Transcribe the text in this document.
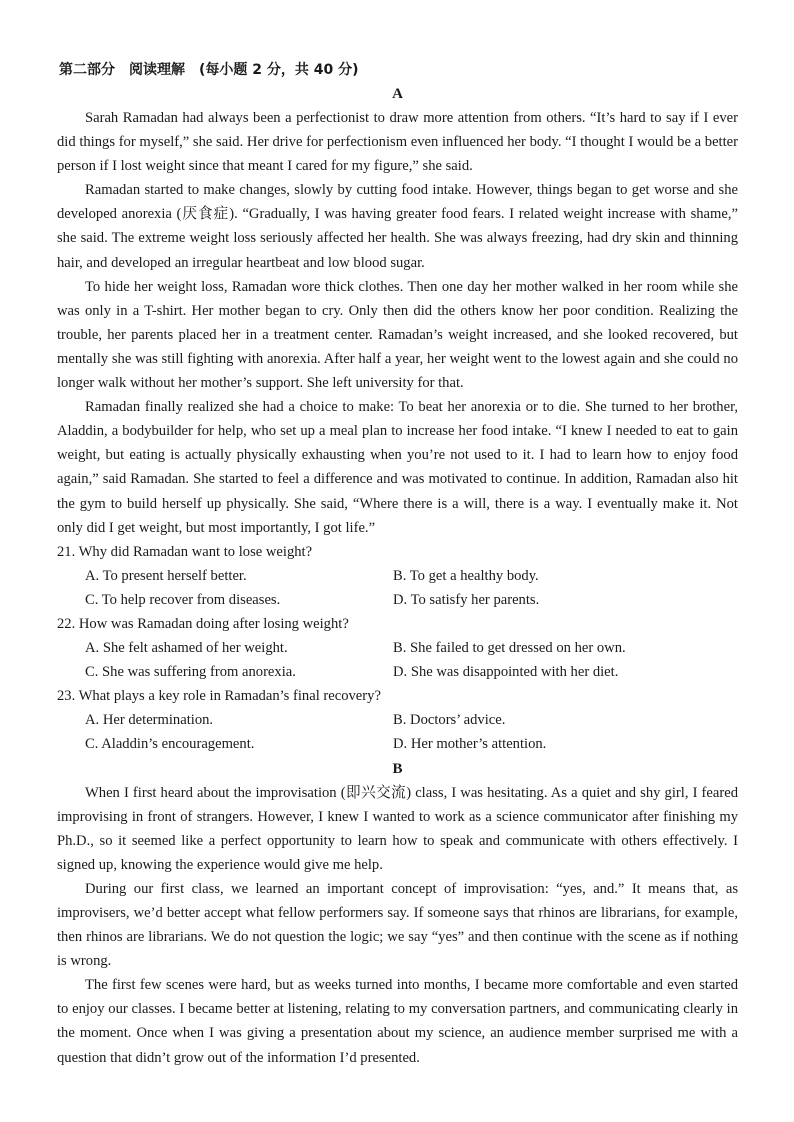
第二部分　阅读理解　(每小题 2 分，共 40 分)
A

Sarah Ramadan had always been a perfectionist to draw more attention from others. “It’s hard to say if I ever did things for myself,” she said. Her drive for perfectionism even influenced her body. “I thought I would be a better person if I lost weight since that meant I cared for my figure,” she said.

Ramadan started to make changes, slowly by cutting food intake. However, things began to get worse and she developed anorexia (厌食症). “Gradually, I was having greater food fears. I related weight increase with shame,” she said. The extreme weight loss seriously affected her health. She was always freezing, had dry skin and thinning hair, and developed an irregular heartbeat and low blood sugar.

To hide her weight loss, Ramadan wore thick clothes. Then one day her mother walked in her room while she was only in a T-shirt. Her mother began to cry. Only then did the others know her poor condition. Realizing the trouble, her parents placed her in a treatment center. Ramadan’s weight increased, and she looked recovered, but mentally she was still fighting with anorexia. After half a year, her weight went to the lowest again and she could no longer walk without her mother’s support. She left university for that.

Ramadan finally realized she had a choice to make: To beat her anorexia or to die. She turned to her brother, Aladdin, a bodybuilder for help, who set up a meal plan to increase her food intake. “I knew I needed to eat to gain weight, but eating is actually physically exhausting when you’re not used to it. I had to learn how to enjoy food again,” said Ramadan. She started to feel a difference and was motivated to continue. In addition, Ramadan also hit the gym to build herself up physically. She said, “Where there is a will, there is a way. I eventually make it. Not only did I get weight, but most importantly, I got life.”

21. Why did Ramadan want to lose weight?
A. To present herself better.	B. To get a healthy body.
C. To help recover from diseases.	D. To satisfy her parents.
22. How was Ramadan doing after losing weight?
A. She felt ashamed of her weight.	B. She failed to get dressed on her own.
C. She was suffering from anorexia.	D. She was disappointed with her diet.
23. What plays a key role in Ramadan’s final recovery?
A. Her determination.	B. Doctors’ advice.
C. Aladdin’s encouragement.	D. Her mother’s attention.
B

When I first heard about the improvisation (即兴交流) class, I was hesitating. As a quiet and shy girl, I feared improvising in front of strangers. However, I knew I wanted to work as a science communicator after finishing my Ph.D., so it seemed like a perfect opportunity to learn how to speak and communicate with others effectively. I signed up, knowing the experience would give me help.

During our first class, we learned an important concept of improvisation: “yes, and.” It means that, as improvisers, we’d better accept what fellow performers say. If someone says that rhinos are librarians, for example, then rhinos are librarians. We do not question the logic; we say “yes” and then continue with the scene as if nothing is wrong.

The first few scenes were hard, but as weeks turned into months, I became more comfortable and even started to enjoy our classes. I became better at listening, relating to my conversation partners, and communicating clearly in the moment. Once when I was giving a presentation about my science, an audience member surprised me with a question that didn’t grow out of the information I’d presented.
